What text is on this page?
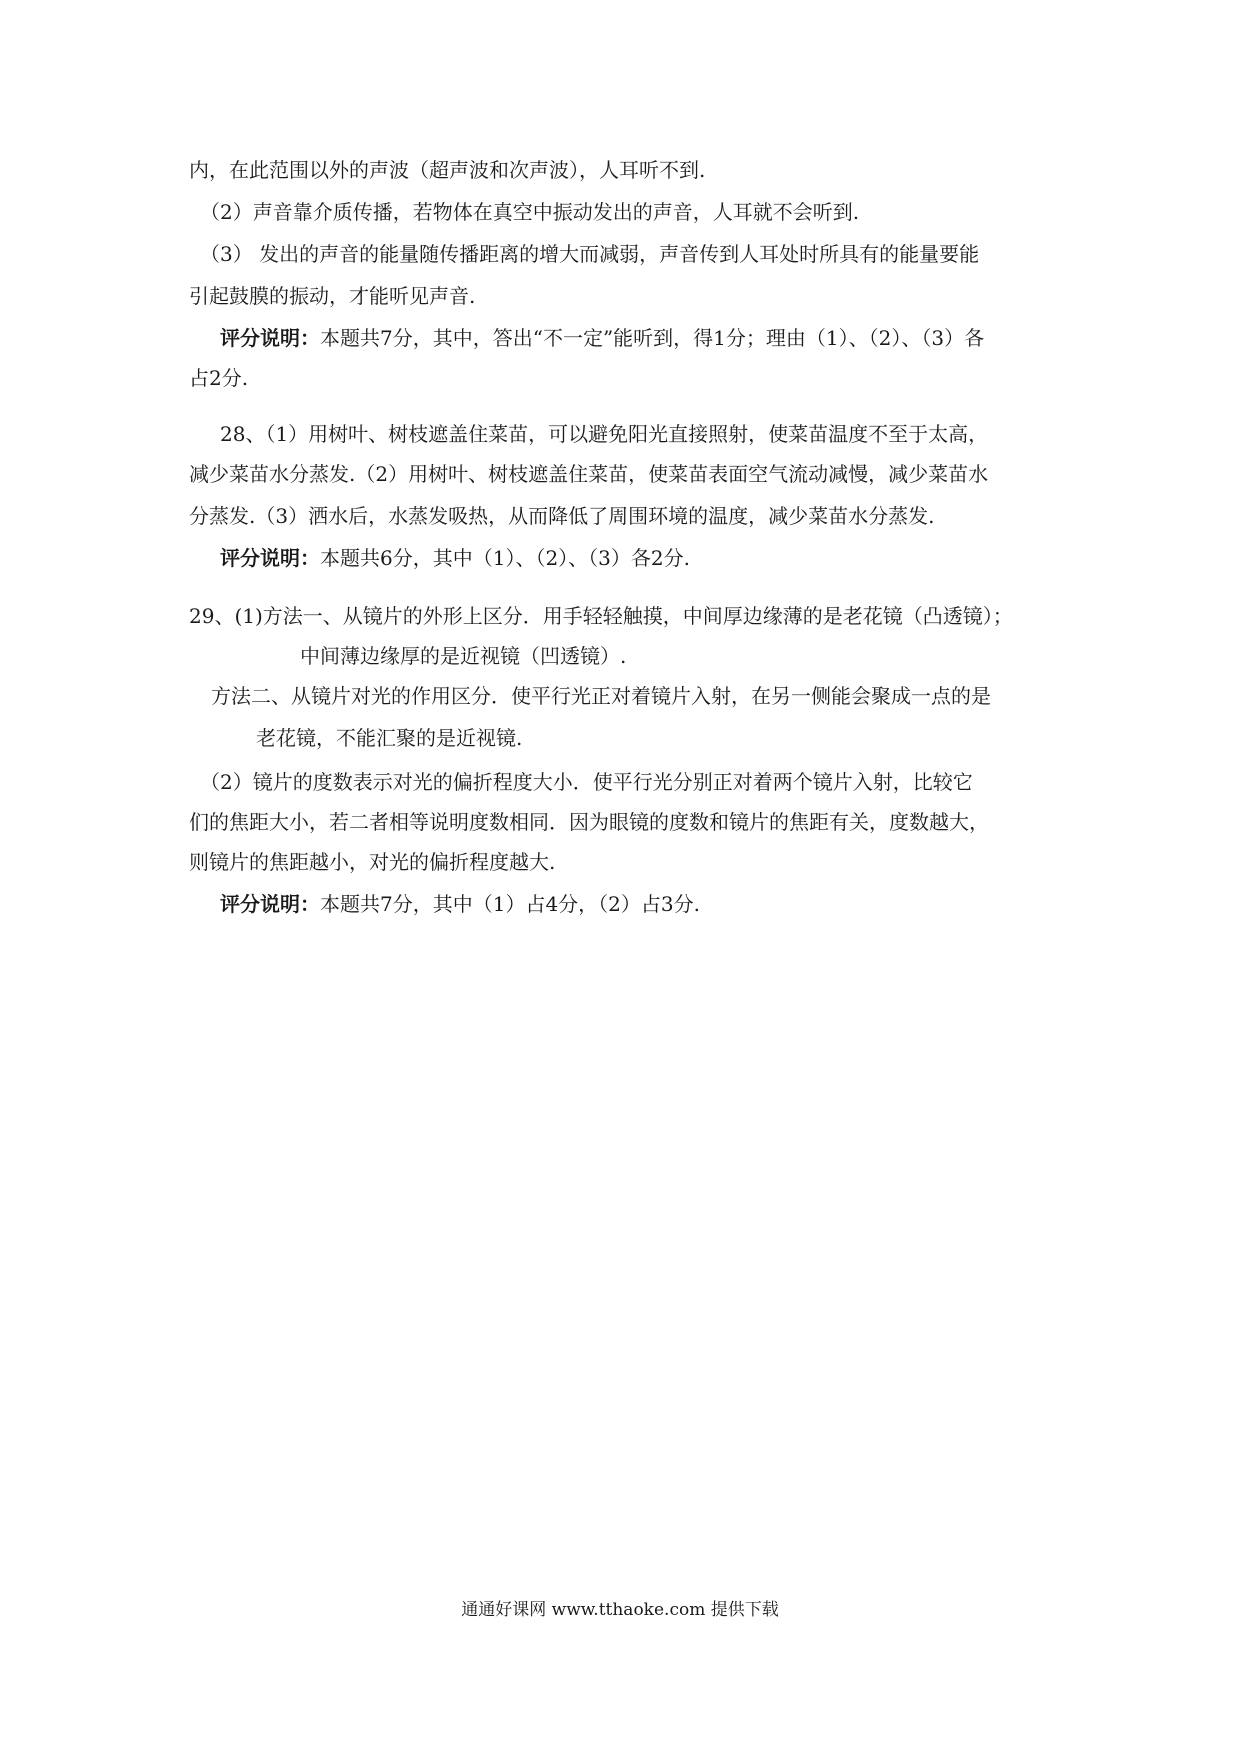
内，在此范围以外的声波（超声波和次声波），人耳听不到.
（2）声音靠介质传播，若物体在真空中振动发出的声音，人耳就不会听到.
（3） 发出的声音的能量随传播距离的增大而减弱，声音传到人耳处时所具有的能量要能
引起鼓膜的振动，才能听见声音.
评分说明：本题共7分，其中，答出“不一定”能听到，得1分；理由（1）、（2）、（3）各
占2分.
28、（1）用树叶、树枝遮盖住菜苗，可以避免阳光直接照射，使菜苗温度不至于太高，
减少菜苗水分蒸发.（2）用树叶、树枝遮盖住菜苗，使菜苗表面空气流动减慢，减少菜苗水
分蒸发.（3）洒水后，水蒸发吸热，从而降低了周围环境的温度，减少菜苗水分蒸发.
评分说明：本题共6分，其中（1）、（2）、（3）各2分.
29、(1)方法一、从镜片的外形上区分．用手轻轻触摸，中间厚边缘薄的是老花镜（凸透镜）；
中间薄边缘厚的是近视镜（凹透镜）.
方法二、从镜片对光的作用区分．使平行光正对着镜片入射，在另一侧能会聚成一点的是
老花镜，不能汇聚的是近视镜.
（2）镜片的度数表示对光的偏折程度大小．使平行光分别正对着两个镜片入射，比较它
们的焦距大小，若二者相等说明度数相同．因为眼镜的度数和镜片的焦距有关，度数越大，
则镜片的焦距越小，对光的偏折程度越大.
评分说明：本题共7分，其中（1）占4分，（2）占3分.
通通好课网 www.tthaoke.com 提供下载
